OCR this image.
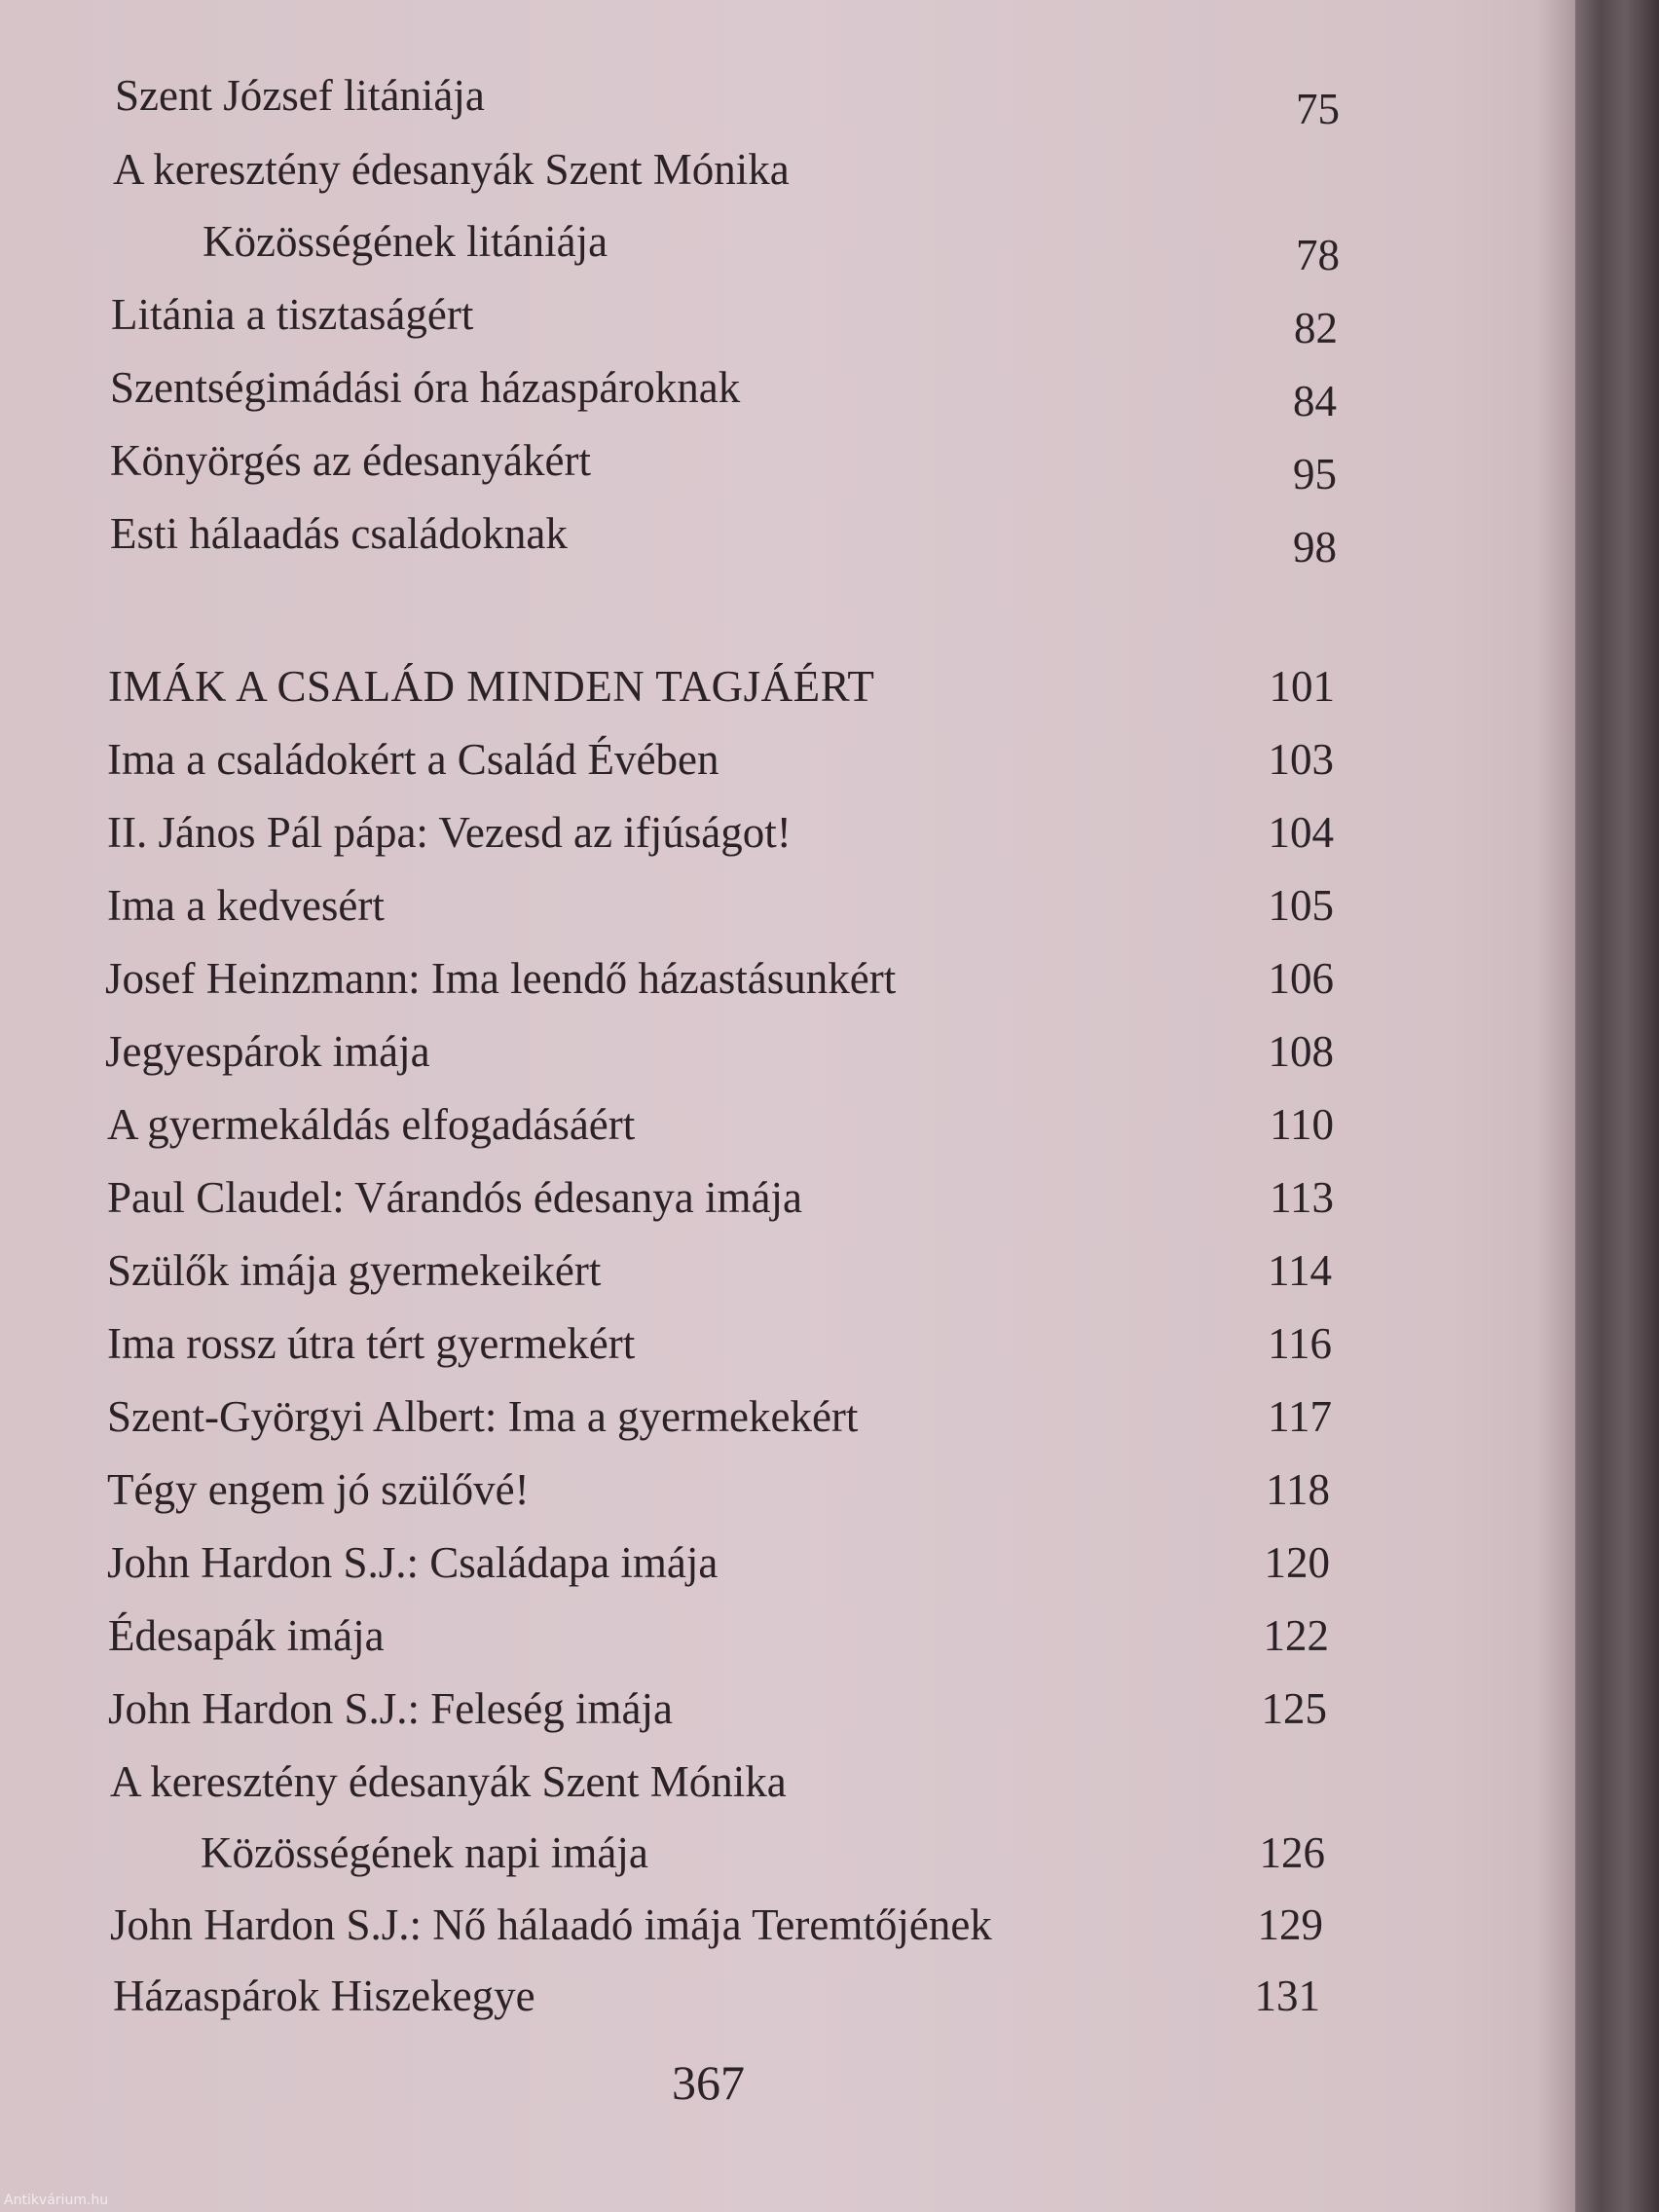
Szent József litániája	75
A keresztény édesanyák Szent Mónika
Közösségének litániája	78
Litánia a tisztaságért	82
Szentségimádási óra házaspároknak	84
Könyörgés az édesanyákért	95
Esti hálaadás családoknak	98
IMÁK A CSALÁD MINDEN TAGJÁÉRT	101
Ima a családokért a Család Évében	103
II. János Pál pápa: Vezesd az ifjúságot!	104
Ima a kedvesért	105
Josef Heinzmann: Ima leendő házastásunkért	106
Jegyespárok imája	108
A gyermekáldás elfogadásáért	110
Paul Claudel: Várandós édesanya imája	113
Szülők imája gyermekeikért	114
Ima rossz útra tért gyermekért	116
Szent-Györgyi Albert: Ima a gyermekekért	117
Tégy engem jó szülővé!	118
John Hardon S.J.: Családapa imája	120
Édesapák imája	122
John Hardon S.J.: Feleség imája	125
A keresztény édesanyák Szent Mónika
Közösségének napi imája	126
John Hardon S.J.: Nő hálaadó imája Teremtőjének	129
Házaspárok Hiszekegye	131
367
Antikvárium.hu
